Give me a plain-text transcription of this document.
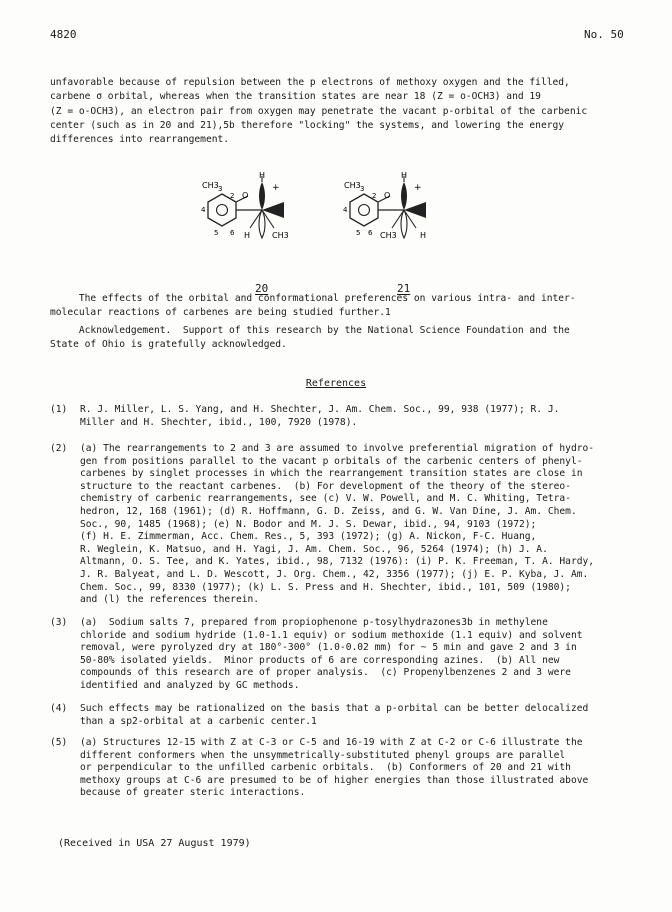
4820	No. 50
unfavorable because of repulsion between the p electrons of methoxy oxygen and the filled,
carbene σ orbital, whereas when the transition states are near 18 (Z = o-OCH3) and 19
(Z = o-OCH3), an electron pair from oxygen may penetrate the vacant p-orbital of the carbenic
center (such as in 20 and 21),5b therefore "locking" the systems, and lowering the energy
differences into rearrangement.
CH3
O
H
+
H	CH3
2
3
4
5 6
20
CH3
O
H
+
CH3	H
2
3
4
5 6
21
The effects of the orbital and conformational preferences on various intra- and inter-
molecular reactions of carbenes are being studied further.1
Acknowledgement.  Support of this research by the National Science Foundation and the
State of Ohio is gratefully acknowledged.
References
(1) R. J. Miller, L. S. Yang, and H. Shechter, J. Am. Chem. Soc., 99, 938 (1977); R. J.
Miller and H. Shechter, ibid., 100, 7920 (1978).
(2) (a) The rearrangements to 2 and 3 are assumed to involve preferential migration of hydro-
gen from positions parallel to the vacant p orbitals of the carbenic centers of phenyl-
carbenes by singlet processes in which the rearrangement transition states are close in
structure to the reactant carbenes.  (b) For development of the theory of the stereo-
chemistry of carbenic rearrangements, see (c) V. W. Powell, and M. C. Whiting, Tetra-
hedron, 12, 168 (1961); (d) R. Hoffmann, G. D. Zeiss, and G. W. Van Dine, J. Am. Chem.
Soc., 90, 1485 (1968); (e) N. Bodor and M. J. S. Dewar, ibid., 94, 9103 (1972);
(f) H. E. Zimmerman, Acc. Chem. Res., 5, 393 (1972); (g) A. Nickon, F-C. Huang,
R. Weglein, K. Matsuo, and H. Yagi, J. Am. Chem. Soc., 96, 5264 (1974); (h) J. A.
Altmann, O. S. Tee, and K. Yates, ibid., 98, 7132 (1976): (i) P. K. Freeman, T. A. Hardy,
J. R. Balyeat, and L. D. Wescott, J. Org. Chem., 42, 3356 (1977); (j) E. P. Kyba, J. Am.
Chem. Soc., 99, 8330 (1977); (k) L. S. Press and H. Shechter, ibid., 101, 509 (1980);
and (l) the references therein.
(3) (a)  Sodium salts 7, prepared from propiophenone p-tosylhydrazones3b in methylene
chloride and sodium hydride (1.0-1.1 equiv) or sodium methoxide (1.1 equiv) and solvent
removal, were pyrolyzed dry at 180°-300° (1.0-0.02 mm) for ~ 5 min and gave 2 and 3 in
50-80% isolated yields.  Minor products of 6 are corresponding azines.  (b) All new
compounds of this research are of proper analysis.  (c) Propenylbenzenes 2 and 3 were
identified and analyzed by GC methods.
(4) Such effects may be rationalized on the basis that a p-orbital can be better delocalized
than a sp2-orbital at a carbenic center.1
(5) (a) Structures 12-15 with Z at C-3 or C-5 and 16-19 with Z at C-2 or C-6 illustrate the
different conformers when the unsymmetrically-substituted phenyl groups are parallel
or perpendicular to the unfilled carbenic orbitals.  (b) Conformers of 20 and 21 with
methoxy groups at C-6 are presumed to be of higher energies than those illustrated above
because of greater steric interactions.
(Received in USA 27 August 1979)
